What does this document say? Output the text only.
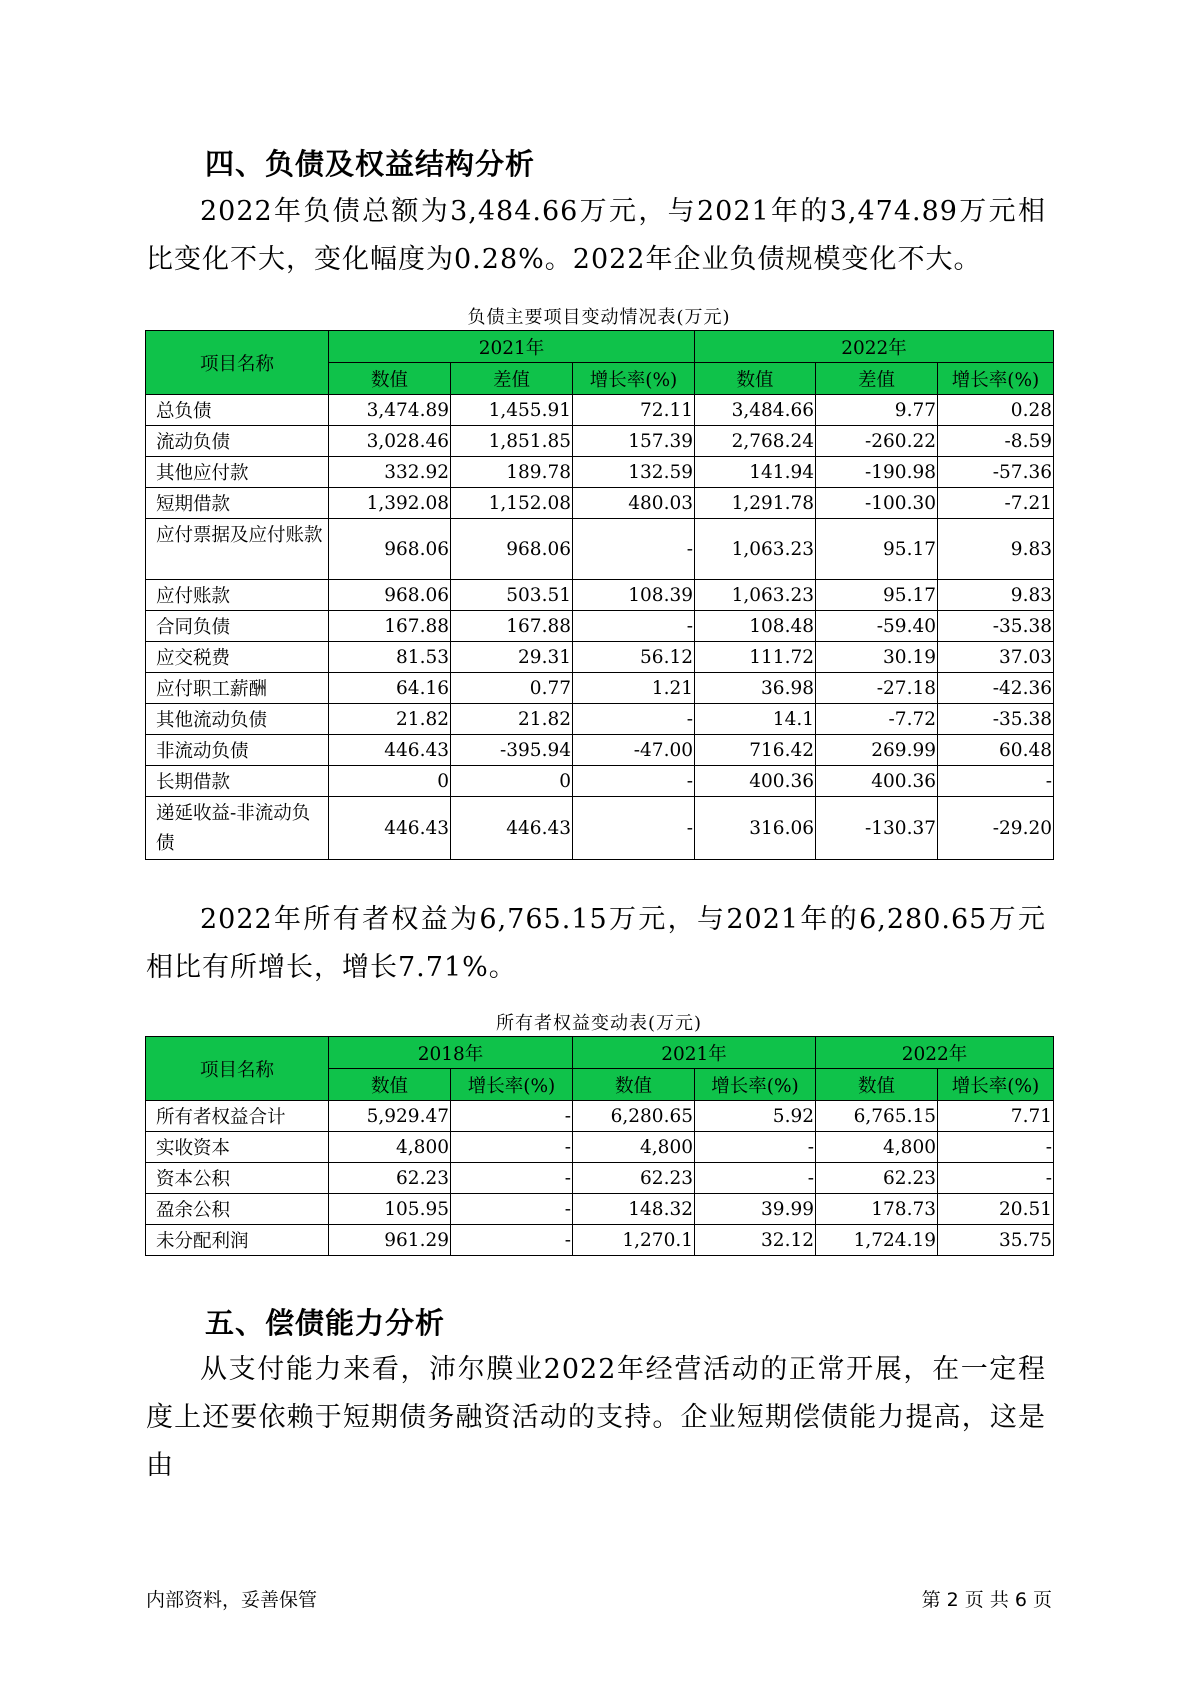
四、负债及权益结构分析
2022年负债总额为3,484.66万元，与2021年的3,474.89万元相比变化不大，变化幅度为0.28%。2022年企业负债规模变化不大。
负债主要项目变动情况表(万元)
项目名称	2021年			2022年		
	数值	差值	增长率(%)	数值	差值	增长率(%)
总负债	3,474.89	1,455.91	72.11	3,484.66	9.77	0.28
流动负债	3,028.46	1,851.85	157.39	2,768.24	-260.22	-8.59
其他应付款	332.92	189.78	132.59	141.94	-190.98	-57.36
短期借款	1,392.08	1,152.08	480.03	1,291.78	-100.30	-7.21
应付票据及应付账款	968.06	968.06	-	1,063.23	95.17	9.83
应付账款	968.06	503.51	108.39	1,063.23	95.17	9.83
合同负债	167.88	167.88	-	108.48	-59.40	-35.38
应交税费	81.53	29.31	56.12	111.72	30.19	37.03
应付职工薪酬	64.16	0.77	1.21	36.98	-27.18	-42.36
其他流动负债	21.82	21.82	-	14.1	-7.72	-35.38
非流动负债	446.43	-395.94	-47.00	716.42	269.99	60.48
长期借款	0	0	-	400.36	400.36	-
递延收益-非流动负债	446.43	446.43	-	316.06	-130.37	-29.20
2022年所有者权益为6,765.15万元，与2021年的6,280.65万元相比有所增长，增长7.71%。
所有者权益变动表(万元)
项目名称	2018年		2021年		2022年	
	数值	增长率(%)	数值	增长率(%)	数值	增长率(%)
所有者权益合计	5,929.47	-	6,280.65	5.92	6,765.15	7.71
实收资本	4,800	-	4,800	-	4,800	-
资本公积	62.23	-	62.23	-	62.23	-
盈余公积	105.95	-	148.32	39.99	178.73	20.51
未分配利润	961.29	-	1,270.1	32.12	1,724.19	35.75
五、偿债能力分析
从支付能力来看，沛尔膜业2022年经营活动的正常开展，在一定程度上还要依赖于短期债务融资活动的支持。企业短期偿债能力提高，这是由
内部资料，妥善保管	第 2 页 共 6 页
